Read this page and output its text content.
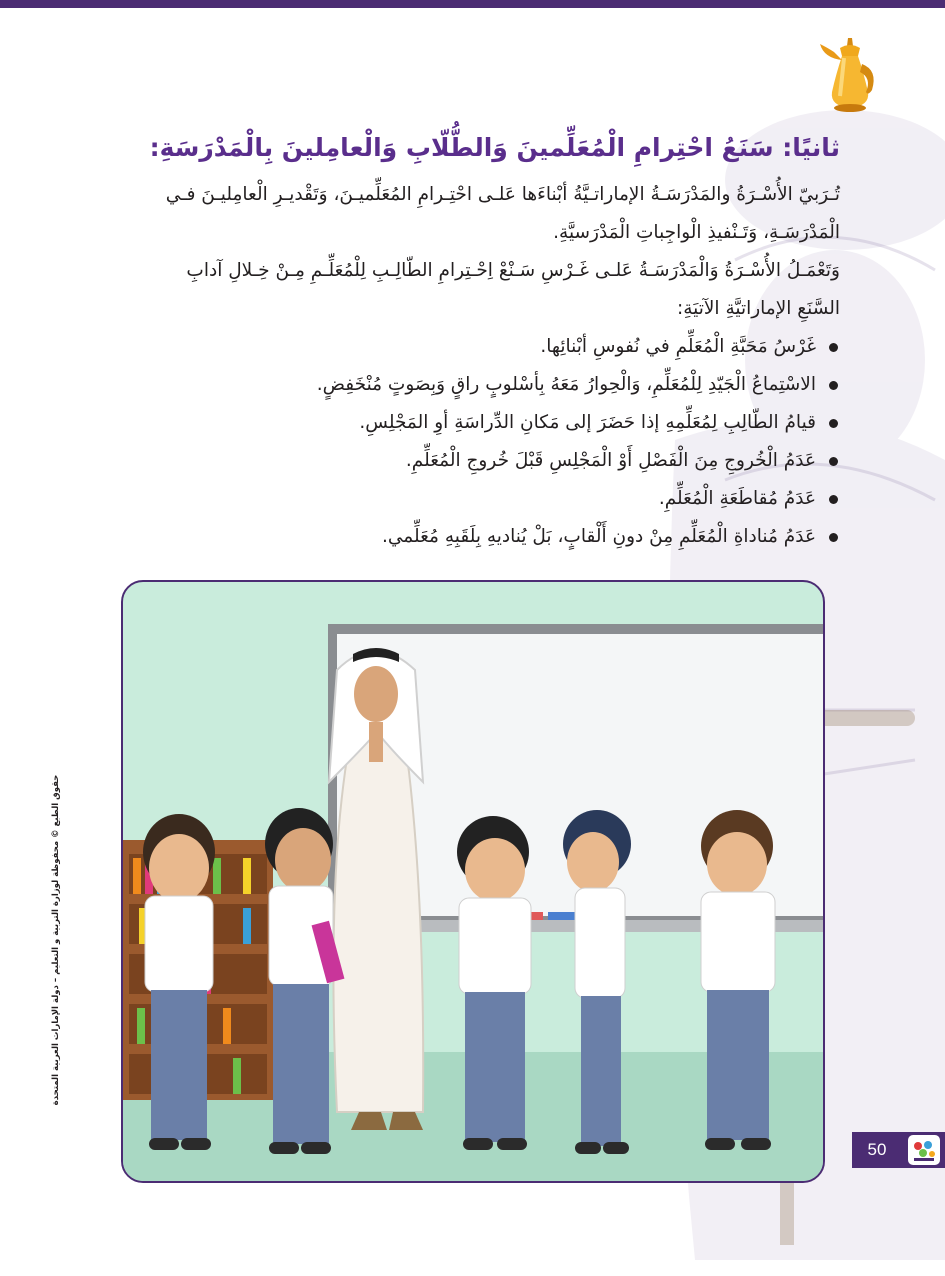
ثانيًا: سَنَعُ احْتِرامِ الْمُعَلِّمينَ وَالطُّلّابِ وَالْعامِلينَ بِالْمَدْرَسَةِ:

تُـرَبيّ الأُسْـرَةُ والمَدْرَسَـةُ الإماراتـيَّةُ أبْناءَها عَلـى احْتِـرامِ المُعَلِّميـنَ، وَتَقْديـرِ الْعامِليـنَ فـي

الْمَدْرَسَـةِ، وَتَـنْفيذِ الْواجِباتِ الْمَدْرَسيَّةِ.

وَتَعْمَـلُ الأُسْـرَةُ وَالْمَدْرَسَـةُ عَلـى غَـرْسِ سَـنْعْ اِحْـتِرامِ الطّالِـبِ لِلْمُعَلِّـمِ مِـنْ خِـلالِ آدابِ

السَّنَعِ الإماراتيَّةِ الآتيَةِ:

غَرْسُ مَحَبَّةِ الْمُعَلِّمِ في نُفوسِ أبْنائِها.
الاسْتِماعُ الْجَيّدِ لِلْمُعَلِّمِ، وَالْحِوارُ مَعَهُ بِأسْلوبٍ راقٍ وَبِصَوتٍ مُنْخَفِضٍ.
قيامُ الطّالِبِ لِمُعَلِّمِهِ إذا حَضَرَ إلى مَكانِ الدِّراسَةِ أوِ المَجْلِسِ.
عَدَمُ الْخُروجِ مِنَ الْفَصْلِ أَوْ الْمَجْلِسِ قَبْلَ خُروجِ الْمُعَلِّمِ.
عَدَمُ مُقاطَعَةِ الْمُعَلِّمِ.
عَدَمُ مُناداةِ الْمُعَلِّمِ مِنْ دونِ أَلْقابٍ، بَلْ يُناديهِ بِلَقَبِهِ مُعَلِّمي.
حقوق الطبع © محفوظة لوزارة التربية و التعليم – دولة الإمارات العربية المتحدة
50
